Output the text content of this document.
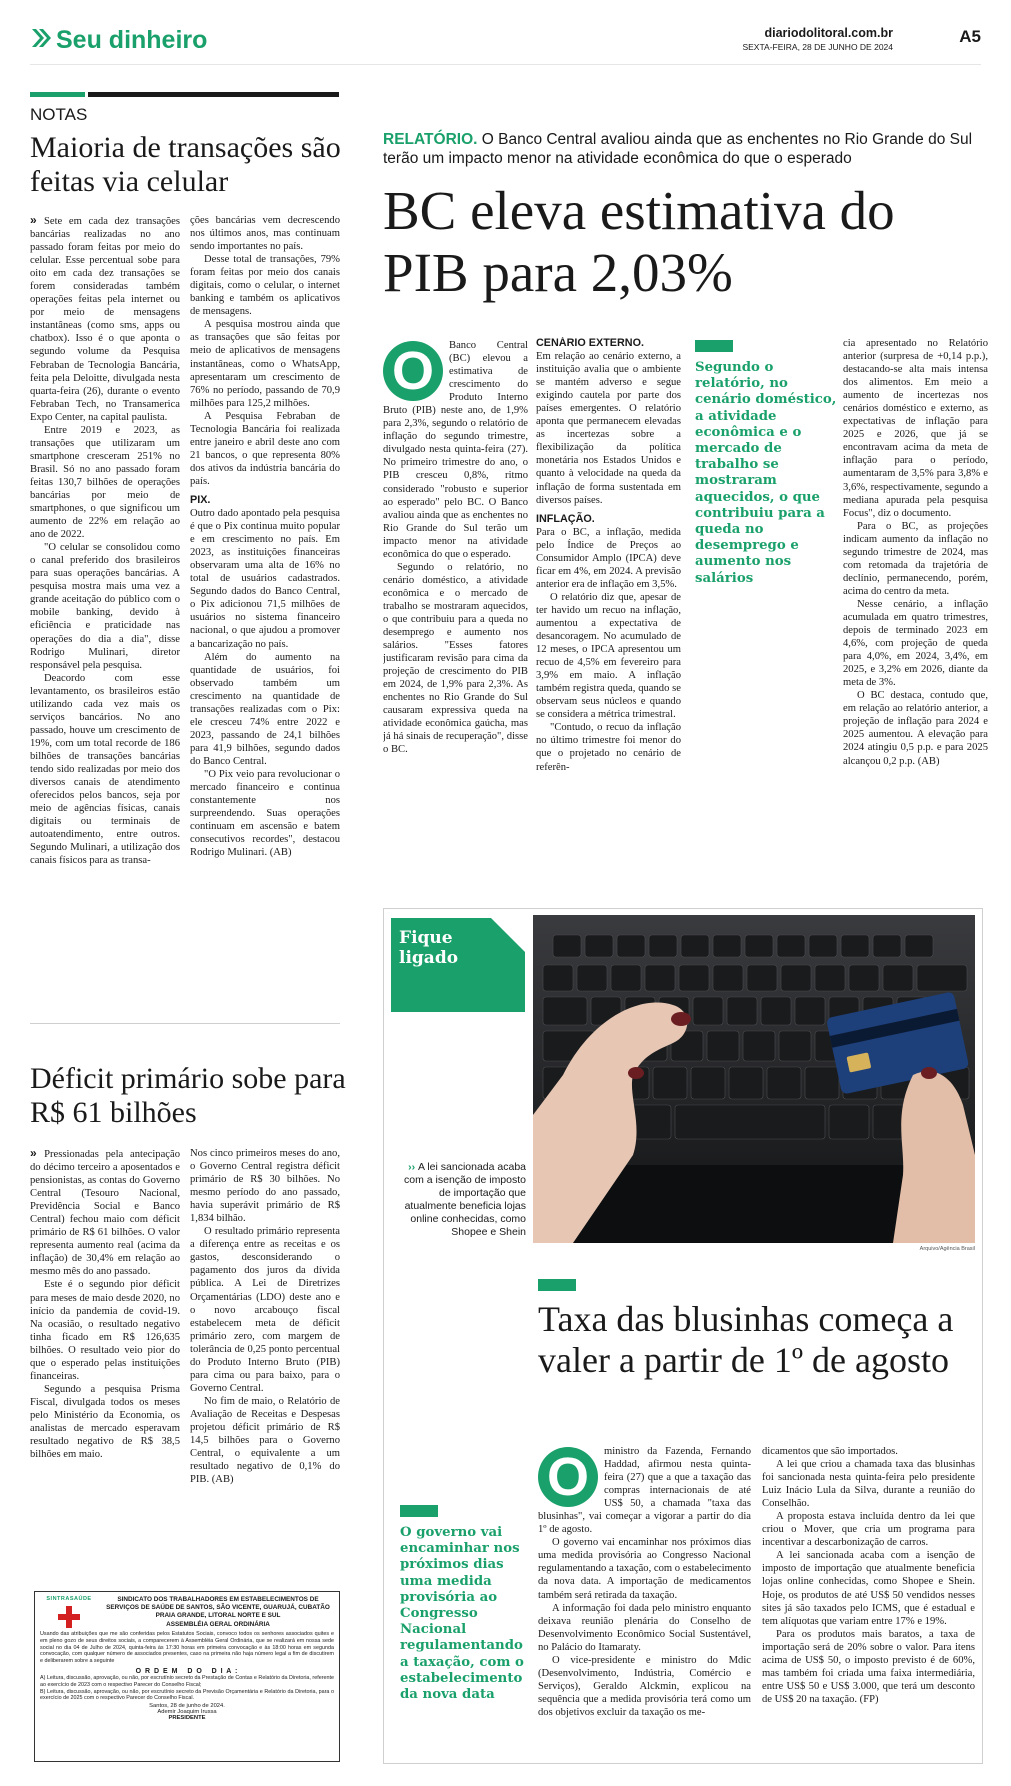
Seu dinheiro	diariodolitoral.com.br
SEXTA-FEIRA, 28 DE JUNHO DE 2024
A5
NOTAS
Maioria de transações são feitas via celular

» Sete em cada dez transações bancárias realizadas no ano passado foram feitas por meio do celular. Esse percentual sobe para oito em cada dez transações se forem consideradas também operações feitas pela internet ou por meio de mensagens instantâneas (como sms, apps ou chatbox). Isso é o que aponta o segundo volume da Pesquisa Febraban de Tecnologia Bancária, feita pela Deloitte, divulgada nesta quarta-feira (26), durante o evento Febraban Tech, no Transamerica Expo Center, na capital paulista.

Entre 2019 e 2023, as transações que utilizaram um smartphone cresceram 251% no Brasil. Só no ano passado foram feitas 130,7 bilhões de operações bancárias por meio de smartphones, o que significou um aumento de 22% em relação ao ano de 2022.

"O celular se consolidou como o canal preferido dos brasileiros para suas operações bancárias. A pesquisa mostra mais uma vez a grande aceitação do público com o mobile banking, devido à eficiência e praticidade nas operações do dia a dia", disse Rodrigo Mulinari, diretor responsável pela pesquisa.

Deacordo com esse levantamento, os brasileiros estão utilizando cada vez mais os serviços bancários. No ano passado, houve um crescimento de 19%, com um total recorde de 186 bilhões de transações bancárias tendo sido realizadas por meio dos diversos canais de atendimento oferecidos pelos bancos, seja por meio de agências físicas, canais digitais ou terminais de autoatendimento, entre outros. Segundo Mulinari, a utilização dos canais físicos para as transa-

ções bancárias vem decrescendo nos últimos anos, mas continuam sendo importantes no país.

Desse total de transações, 79% foram feitas por meio dos canais digitais, como o celular, o internet banking e também os aplicativos de mensagens.

A pesquisa mostrou ainda que as transações que são feitas por meio de aplicativos de mensagens instantâneas, como o WhatsApp, apresentaram um crescimento de 76% no período, passando de 70,9 milhões para 125,2 milhões.

A Pesquisa Febraban de Tecnologia Bancária foi realizada entre janeiro e abril deste ano com 21 bancos, o que representa 80% dos ativos da indústria bancária do país.

PIX.

Outro dado apontado pela pesquisa é que o Pix continua muito popular e em crescimento no país. Em 2023, as instituições financeiras observaram uma alta de 16% no total de usuários cadastrados. Segundo dados do Banco Central, o Pix adicionou 71,5 milhões de usuários no sistema financeiro nacional, o que ajudou a promover a bancarização no país.

Além do aumento na quantidade de usuários, foi observado também um crescimento na quantidade de transações realizadas com o Pix: ele cresceu 74% entre 2022 e 2023, passando de 24,1 bilhões para 41,9 bilhões, segundo dados do Banco Central.

"O Pix veio para revolucionar o mercado financeiro e continua constantemente nos surpreendendo. Suas operações continuam em ascensão e batem consecutivos recordes", destacou Rodrigo Mulinari. (AB)

Déficit primário sobe para R$ 61 bilhões

» Pressionadas pela antecipação do décimo terceiro a aposentados e pensionistas, as contas do Governo Central (Tesouro Nacional, Previdência Social e Banco Central) fechou maio com déficit primário de R$ 61 bilhões. O valor representa aumento real (acima da inflação) de 30,4% em relação ao mesmo mês do ano passado.

Este é o segundo pior déficit para meses de maio desde 2020, no início da pandemia de covid-19. Na ocasião, o resultado negativo tinha ficado em R$ 126,635 bilhões. O resultado veio pior do que o esperado pelas instituições financeiras.

Segundo a pesquisa Prisma Fiscal, divulgada todos os meses pelo Ministério da Economia, os analistas de mercado esperavam resultado negativo de R$ 38,5 bilhões em maio.

Nos cinco primeiros meses do ano, o Governo Central registra déficit primário de R$ 30 bilhões. No mesmo período do ano passado, havia superávit primário de R$ 1,834 bilhão.

O resultado primário representa a diferença entre as receitas e os gastos, desconsiderando o pagamento dos juros da dívida pública. A Lei de Diretrizes Orçamentárias (LDO) deste ano e o novo arcabouço fiscal estabelecem meta de déficit primário zero, com margem de tolerância de 0,25 ponto percentual do Produto Interno Bruto (PIB) para cima ou para baixo, para o Governo Central.

No fim de maio, o Relatório de Avaliação de Receitas e Despesas projetou déficit primário de R$ 14,5 bilhões para o Governo Central, o equivalente a um resultado negativo de 0,1% do PIB. (AB)

SINTRASAÚDE	SINDICATO DOS TRABALHADORES EM ESTABELECIMENTOS DE SERVIÇOS DE SAÚDE DE SANTOS, SÃO VICENTE, GUARUJÁ, CUBATÃO PRAIA GRANDE, LITORAL NORTE E SUL
ASSEMBLÉIA GERAL ORDINÁRIA
Usando das atribuições que me são conferidas pelos Estatutos Sociais, convoco todos os senhores associados quites e em pleno gozo de seus direitos sociais, a comparecerem à Assembléia Geral Ordinária, que se realizará em nossa sede social no dia 04 de Julho de 2024, quinta-feira às 17:30 horas em primeira convocação e às 18:00 horas em segunda convocação, com qualquer número de associados presentes, caso na primeira não haja número legal a fim de discutirem e deliberarem sobre a seguinte
O R D E M   D O   D I A :
A) Leitura, discussão, aprovação, ou não, por escrutínio secreto da Prestação de Contas e Relatório da Diretoria, referente ao exercício de 2023 com o respectivo Parecer do Conselho Fiscal;
B) Leitura, discussão, aprovação, ou não, por escrutínio secreto da Previsão Orçamentária e Relatório da Diretoria, para o exercício de 2025 com o respectivo Parecer do Conselho Fiscal.
Santos, 28 de junho de 2024.
Ademir Joaquim Irussa
PRESIDENTE
RELATÓRIO. O Banco Central avaliou ainda que as enchentes no Rio Grande do Sul terão um impacto menor na atividade econômica do que o esperado
BC eleva estimativa do PIB para 2,03%
O	Banco Central (BC) elevou a estimativa de crescimento do Produto Interno Bruto (PIB) neste ano, de 1,9% para 2,3%, segundo o relatório de inflação do segundo trimestre, divulgado nesta quinta-feira (27). No primeiro trimestre do ano, o PIB cresceu 0,8%, ritmo considerado "robusto e superior ao esperado" pelo BC. O Banco avaliou ainda que as enchentes no Rio Grande do Sul terão um impacto menor na atividade econômica do que o esperado.

Segundo o relatório, no cenário doméstico, a atividade econômica e o mercado de trabalho se mostraram aquecidos, o que contribuiu para a queda no desemprego e aumento nos salários. "Esses fatores justificaram revisão para cima da projeção de crescimento do PIB em 2024, de 1,9% para 2,3%. As enchentes no Rio Grande do Sul causaram expressiva queda na atividade econômica gaúcha, mas já há sinais de recuperação", disse o BC.

CENÁRIO EXTERNO.

Em relação ao cenário externo, a instituição avalia que o ambiente se mantém adverso e segue exigindo cautela por parte dos países emergentes. O relatório aponta que permanecem elevadas as incertezas sobre a flexibilização da política monetária nos Estados Unidos e quanto à velocidade na queda da inflação de forma sustentada em diversos países.

INFLAÇÃO.

Para o BC, a inflação, medida pelo Índice de Preços ao Consumidor Amplo (IPCA) deve ficar em 4%, em 2024. A previsão anterior era de inflação em 3,5%.

O relatório diz que, apesar de ter havido um recuo na inflação, aumentou a expectativa de desancoragem. No acumulado de 12 meses, o IPCA apresentou um recuo de 4,5% em fevereiro para 3,9% em maio. A inflação também registra queda, quando se observam seus núcleos e quando se considera a métrica trimestral.

"Contudo, o recuo da inflação no último trimestre foi menor do que o projetado no cenário de referên-

Segundo o relatório, no cenário doméstico, a atividade econômica e o mercado de trabalho se mostraram aquecidos, o que contribuiu para a queda no desemprego e aumento nos salários

cia apresentado no Relatório anterior (surpresa de +0,14 p.p.), destacando-se alta mais intensa dos alimentos. Em meio a aumento de incertezas nos cenários doméstico e externo, as expectativas de inflação para 2025 e 2026, que já se encontravam acima da meta de inflação para o período, aumentaram de 3,5% para 3,8% e 3,6%, respectivamente, segundo a mediana apurada pela pesquisa Focus", diz o documento.

Para o BC, as projeções indicam aumento da inflação no segundo trimestre de 2024, mas com retomada da trajetória de declínio, permanecendo, porém, acima do centro da meta.

Nesse cenário, a inflação acumulada em quatro trimestres, depois de terminado 2023 em 4,6%, com projeção de queda para 4,0%, em 2024, 3,4%, em 2025, e 3,2% em 2026, diante da meta de 3%.

O BC destaca, contudo que, em relação ao relatório anterior, a projeção de inflação para 2024 e 2025 aumentou. A elevação para 2024 atingiu 0,5 p.p. e para 2025 alcançou 0,2 p.p. (AB)

Fique
ligado
›› A lei sancionada acaba com a isenção de imposto de importação que atualmente beneficia lojas online conhecidas, como Shopee e Shein
Arquivo/Agência Brasil
Taxa das blusinhas começa a valer a partir de 1º de agosto
O governo vai encaminhar nos próximos dias uma medida provisória ao Congresso Nacional regulamentando a taxação, com o estabelecimento da nova data
O	ministro da Fazenda, Fernando Haddad, afirmou nesta quinta-feira (27) que a que a taxação das compras internacionais de até US$ 50, a chamada "taxa das blusinhas", vai começar a vigorar a partir do dia 1º de agosto.

O governo vai encaminhar nos próximos dias uma medida provisória ao Congresso Nacional regulamentando a taxação, com o estabelecimento da nova data. A importação de medicamentos também será retirada da taxação.

A informação foi dada pelo ministro enquanto deixava reunião plenária do Conselho de Desenvolvimento Econômico Social Sustentável, no Palácio do Itamaraty.

O vice-presidente e ministro do Mdic (Desenvolvimento, Indústria, Comércio e Serviços), Geraldo Alckmin, explicou na sequência que a medida provisória terá como um dos objetivos excluir da taxação os me-

dicamentos que são importados.

A lei que criou a chamada taxa das blusinhas foi sancionada nesta quinta-feira pelo presidente Luiz Inácio Lula da Silva, durante a reunião do Conselhão.

A proposta estava incluída dentro da lei que criou o Mover, que cria um programa para incentivar a descarbonização de carros.

A lei sancionada acaba com a isenção de imposto de importação que atualmente beneficia lojas online conhecidas, como Shopee e Shein. Hoje, os produtos de até US$ 50 vendidos nesses sites já são taxados pelo ICMS, que é estadual e tem alíquotas que variam entre 17% e 19%.

Para os produtos mais baratos, a taxa de importação será de 20% sobre o valor. Para itens acima de US$ 50, o imposto previsto é de 60%, mas também foi criada uma faixa intermediária, entre US$ 50 e US$ 3.000, que terá um desconto de US$ 20 na taxação. (FP)
